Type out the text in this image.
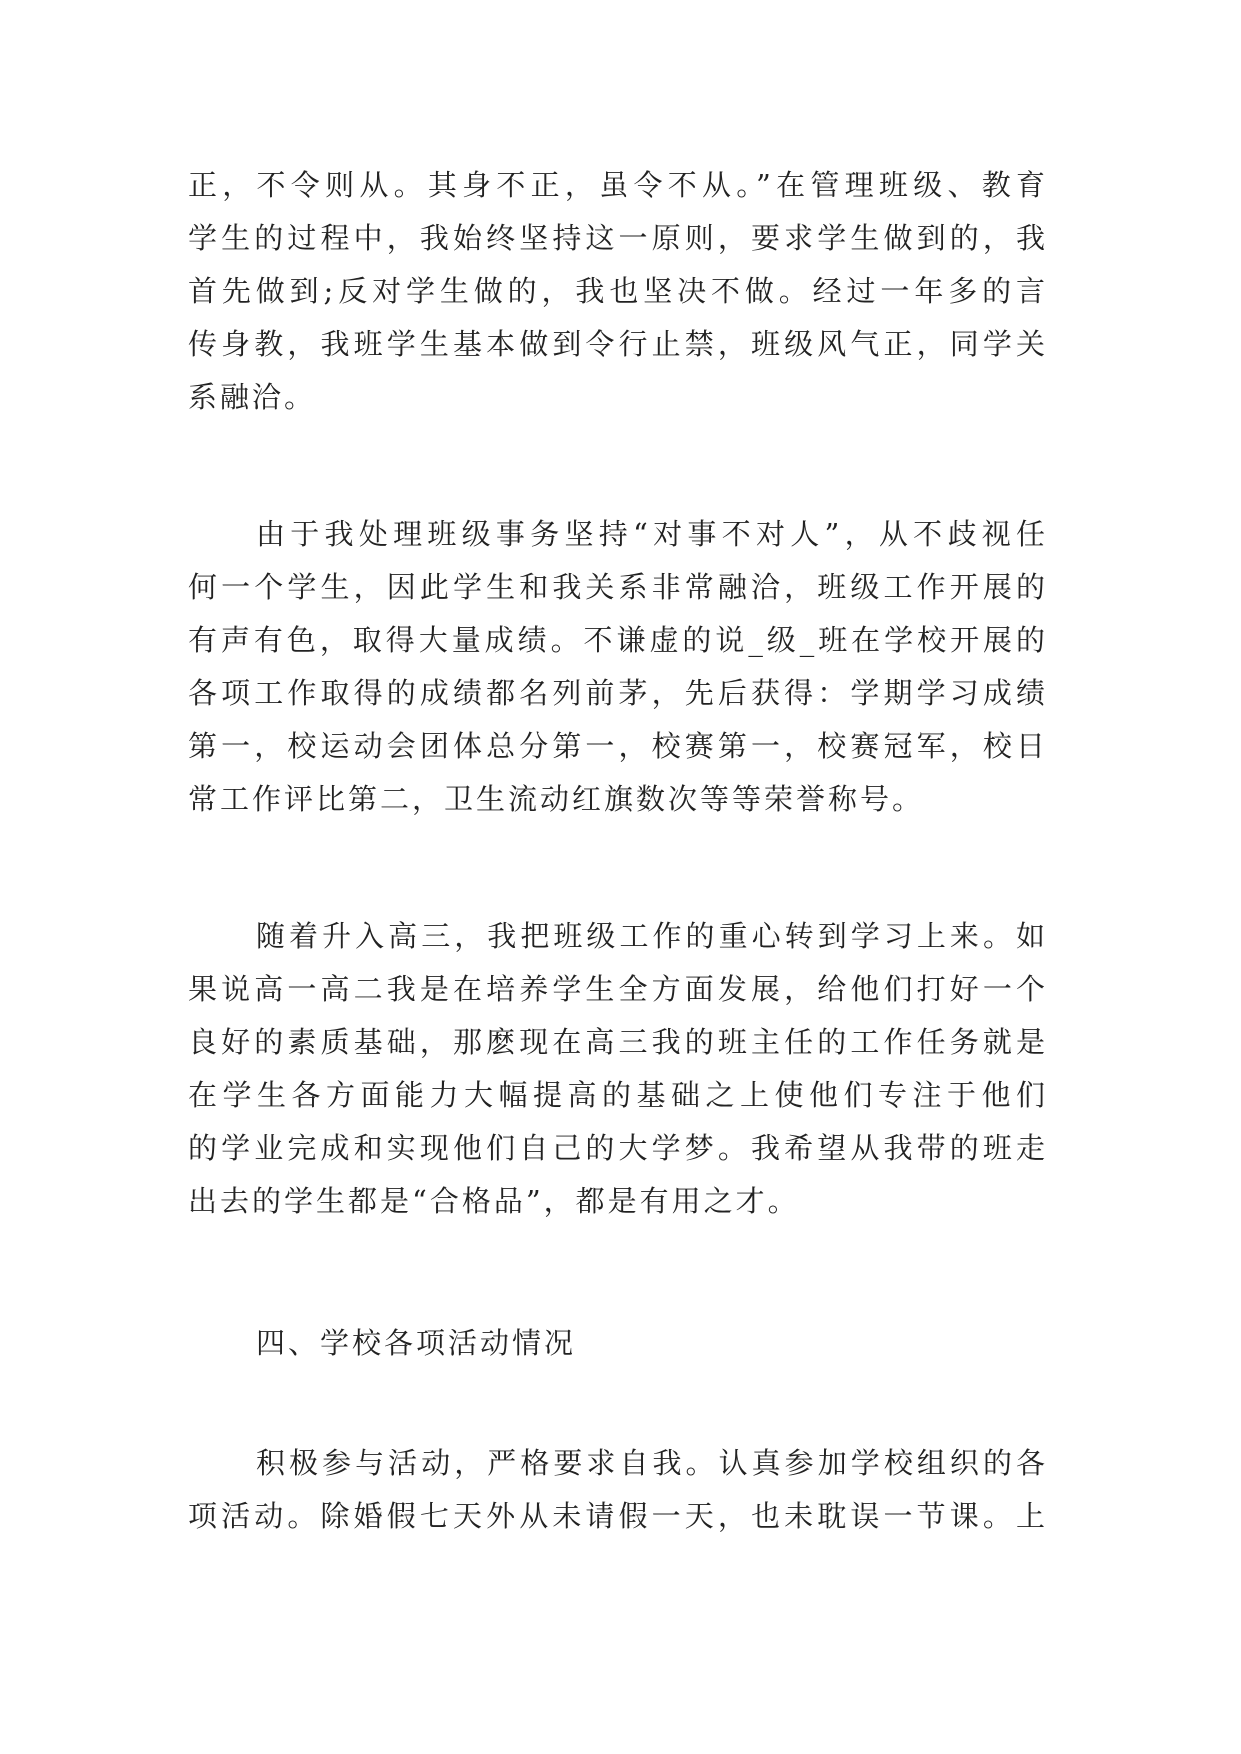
正，不令则从。其身不正，虽令不从。”在管理班级、教育
学生的过程中，我始终坚持这一原则，要求学生做到的，我
首先做到;反对学生做的，我也坚决不做。经过一年多的言
传身教，我班学生基本做到令行止禁，班级风气正，同学关
系融洽。
由于我处理班级事务坚持“对事不对人”，从不歧视任
何一个学生，因此学生和我关系非常融洽，班级工作开展的
有声有色，取得大量成绩。不谦虚的说_级_班在学校开展的
各项工作取得的成绩都名列前茅，先后获得：学期学习成绩
第一，校运动会团体总分第一，校赛第一，校赛冠军，校日
常工作评比第二，卫生流动红旗数次等等荣誉称号。
随着升入高三，我把班级工作的重心转到学习上来。如
果说高一高二我是在培养学生全方面发展，给他们打好一个
良好的素质基础，那麽现在高三我的班主任的工作任务就是
在学生各方面能力大幅提高的基础之上使他们专注于他们
的学业完成和实现他们自己的大学梦。我希望从我带的班走
出去的学生都是“合格品”，都是有用之才。
四、学校各项活动情况
积极参与活动，严格要求自我。认真参加学校组织的各
项活动。除婚假七天外从未请假一天，也未耽误一节课。上
